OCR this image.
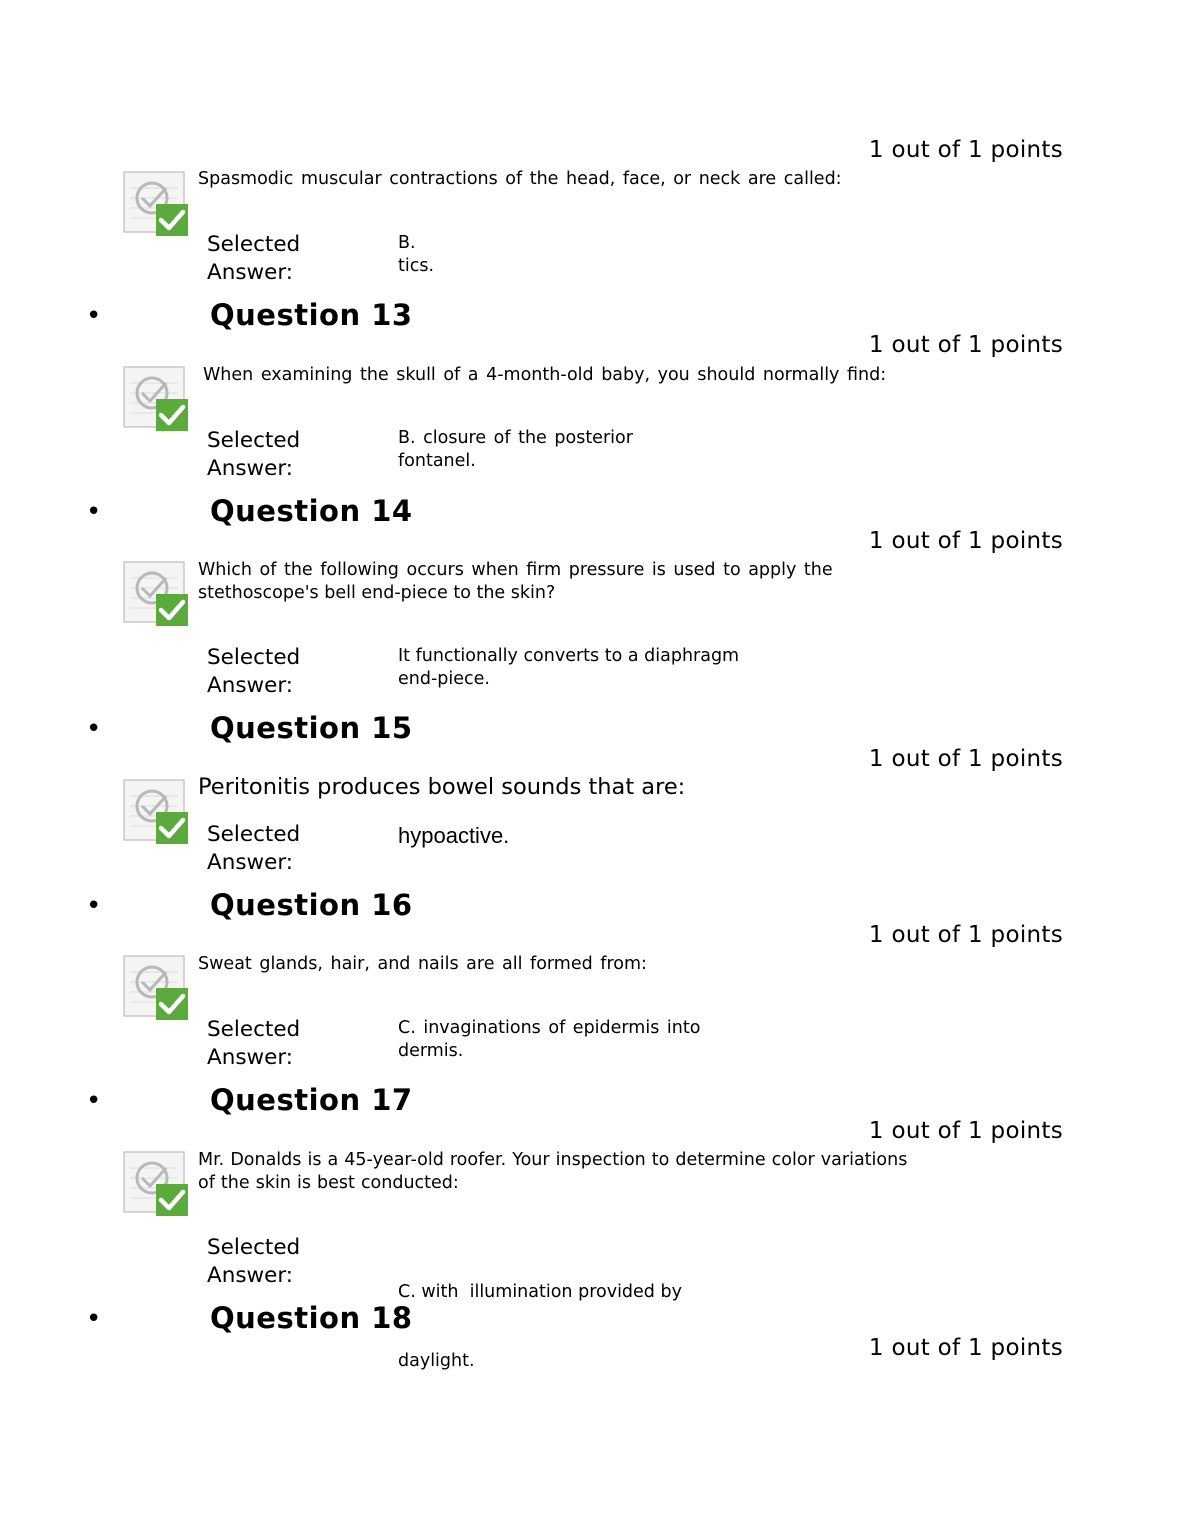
1 out of 1 points
Spasmodic muscular contractions of the head, face, or neck are called:
Selected
Answer:
B.
tics.
•	Question 13
1 out of 1 points
When examining the skull of a 4-month-old baby, you should normally find:
Selected
Answer:
B. closure of the posterior
fontanel.
•	Question 14
1 out of 1 points
Which of the following occurs when firm pressure is used to apply the
stethoscope's bell end-piece to the skin?
Selected
Answer:
It functionally converts to a diaphragm
end-piece.
•	Question 15
1 out of 1 points
Peritonitis produces bowel sounds that are:
Selected
Answer:
hypoactive.
•	Question 16
1 out of 1 points
Sweat glands, hair, and nails are all formed from:
Selected
Answer:
C. invaginations of epidermis into
dermis.
•	Question 17
1 out of 1 points
Mr. Donalds is a 45-year-old roofer. Your inspection to determine color variations
of the skin is best conducted:
Selected
Answer:

C. with  illumination provided by

daylight.

•	Question 18
1 out of 1 points
